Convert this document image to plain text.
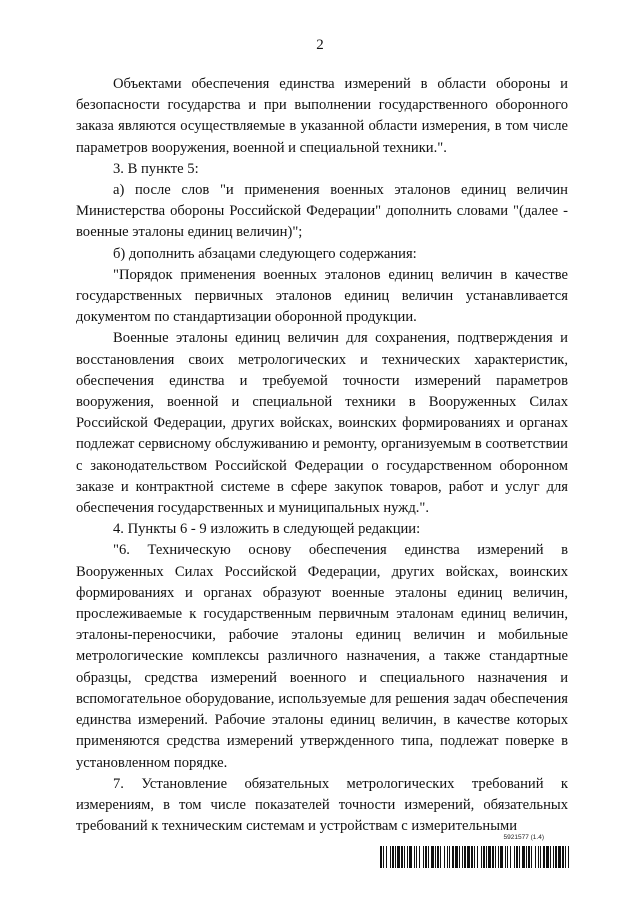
2

Объектами обеспечения единства измерений в области обороны и безопасности государства и при выполнении государственного оборонного заказа являются осуществляемые в указанной области измерения, в том числе параметров вооружения, военной и специальной техники.".

3. В пункте 5:

а) после слов "и применения военных эталонов единиц величин Министерства обороны Российской Федерации" дополнить словами "(далее - военные эталоны единиц величин)";

б) дополнить абзацами следующего содержания:

"Порядок применения военных эталонов единиц величин в качестве государственных первичных эталонов единиц величин устанавливается документом по стандартизации оборонной продукции.

Военные эталоны единиц величин для сохранения, подтверждения и восстановления своих метрологических и технических характеристик, обеспечения единства и требуемой точности измерений параметров вооружения, военной и специальной техники в Вооруженных Силах Российской Федерации, других войсках, воинских формированиях и органах подлежат сервисному обслуживанию и ремонту, организуемым в соответствии с законодательством Российской Федерации о государственном оборонном заказе и контрактной системе в сфере закупок товаров, работ и услуг для обеспечения государственных и муниципальных нужд.".

4. Пункты 6 - 9 изложить в следующей редакции:

"6. Техническую основу обеспечения единства измерений в Вооруженных Силах Российской Федерации, других войсках, воинских формированиях и органах образуют военные эталоны единиц величин, прослеживаемые к государственным первичным эталонам единиц величин, эталоны-переносчики, рабочие эталоны единиц величин и мобильные метрологические комплексы различного назначения, а также стандартные образцы, средства измерений военного и специального назначения и вспомогательное оборудование, используемые для решения задач обеспечения единства измерений. Рабочие эталоны единиц величин, в качестве которых применяются средства измерений утвержденного типа, подлежат поверке в установленном порядке.

7. Установление обязательных метрологических требований к измерениям, в том числе показателей точности измерений, обязательных требований к техническим системам и устройствам с измерительными

5921577 (1.4)
